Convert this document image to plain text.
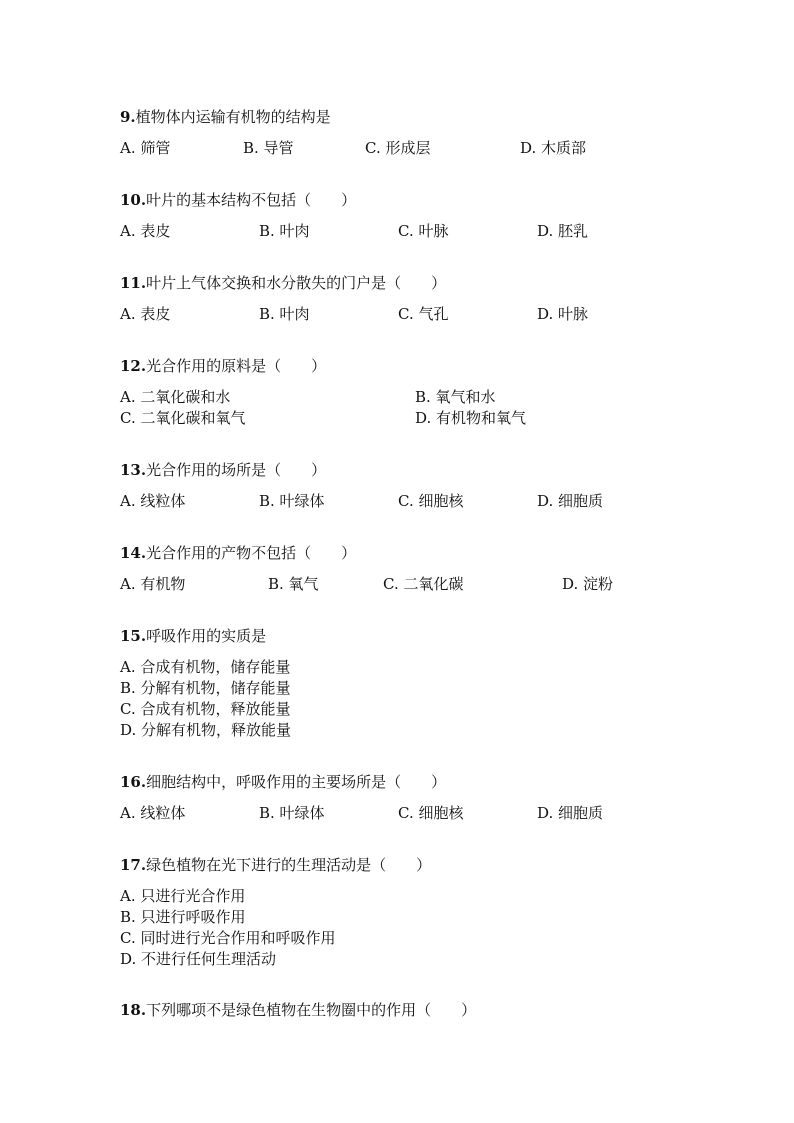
9.植物体内运输有机物的结构是
A. 筛管	B. 导管	C. 形成层	D. 木质部
10.叶片的基本结构不包括（　　）
A. 表皮	B. 叶肉	C. 叶脉	D. 胚乳
11.叶片上气体交换和水分散失的门户是（　　）
A. 表皮	B. 叶肉	C. 气孔	D. 叶脉
12.光合作用的原料是（　　）
A. 二氧化碳和水	B. 氧气和水
C. 二氧化碳和氧气	D. 有机物和氧气
13.光合作用的场所是（　　）
A. 线粒体	B. 叶绿体	C. 细胞核	D. 细胞质
14.光合作用的产物不包括（　　）
A. 有机物	B. 氧气	C. 二氧化碳	D. 淀粉
15.呼吸作用的实质是
A. 合成有机物，储存能量
B. 分解有机物，储存能量
C. 合成有机物，释放能量
D. 分解有机物，释放能量
16.细胞结构中，呼吸作用的主要场所是（　　）
A. 线粒体	B. 叶绿体	C. 细胞核	D. 细胞质
17.绿色植物在光下进行的生理活动是（　　）
A. 只进行光合作用
B. 只进行呼吸作用
C. 同时进行光合作用和呼吸作用
D. 不进行任何生理活动
18.下列哪项不是绿色植物在生物圈中的作用（　　）
